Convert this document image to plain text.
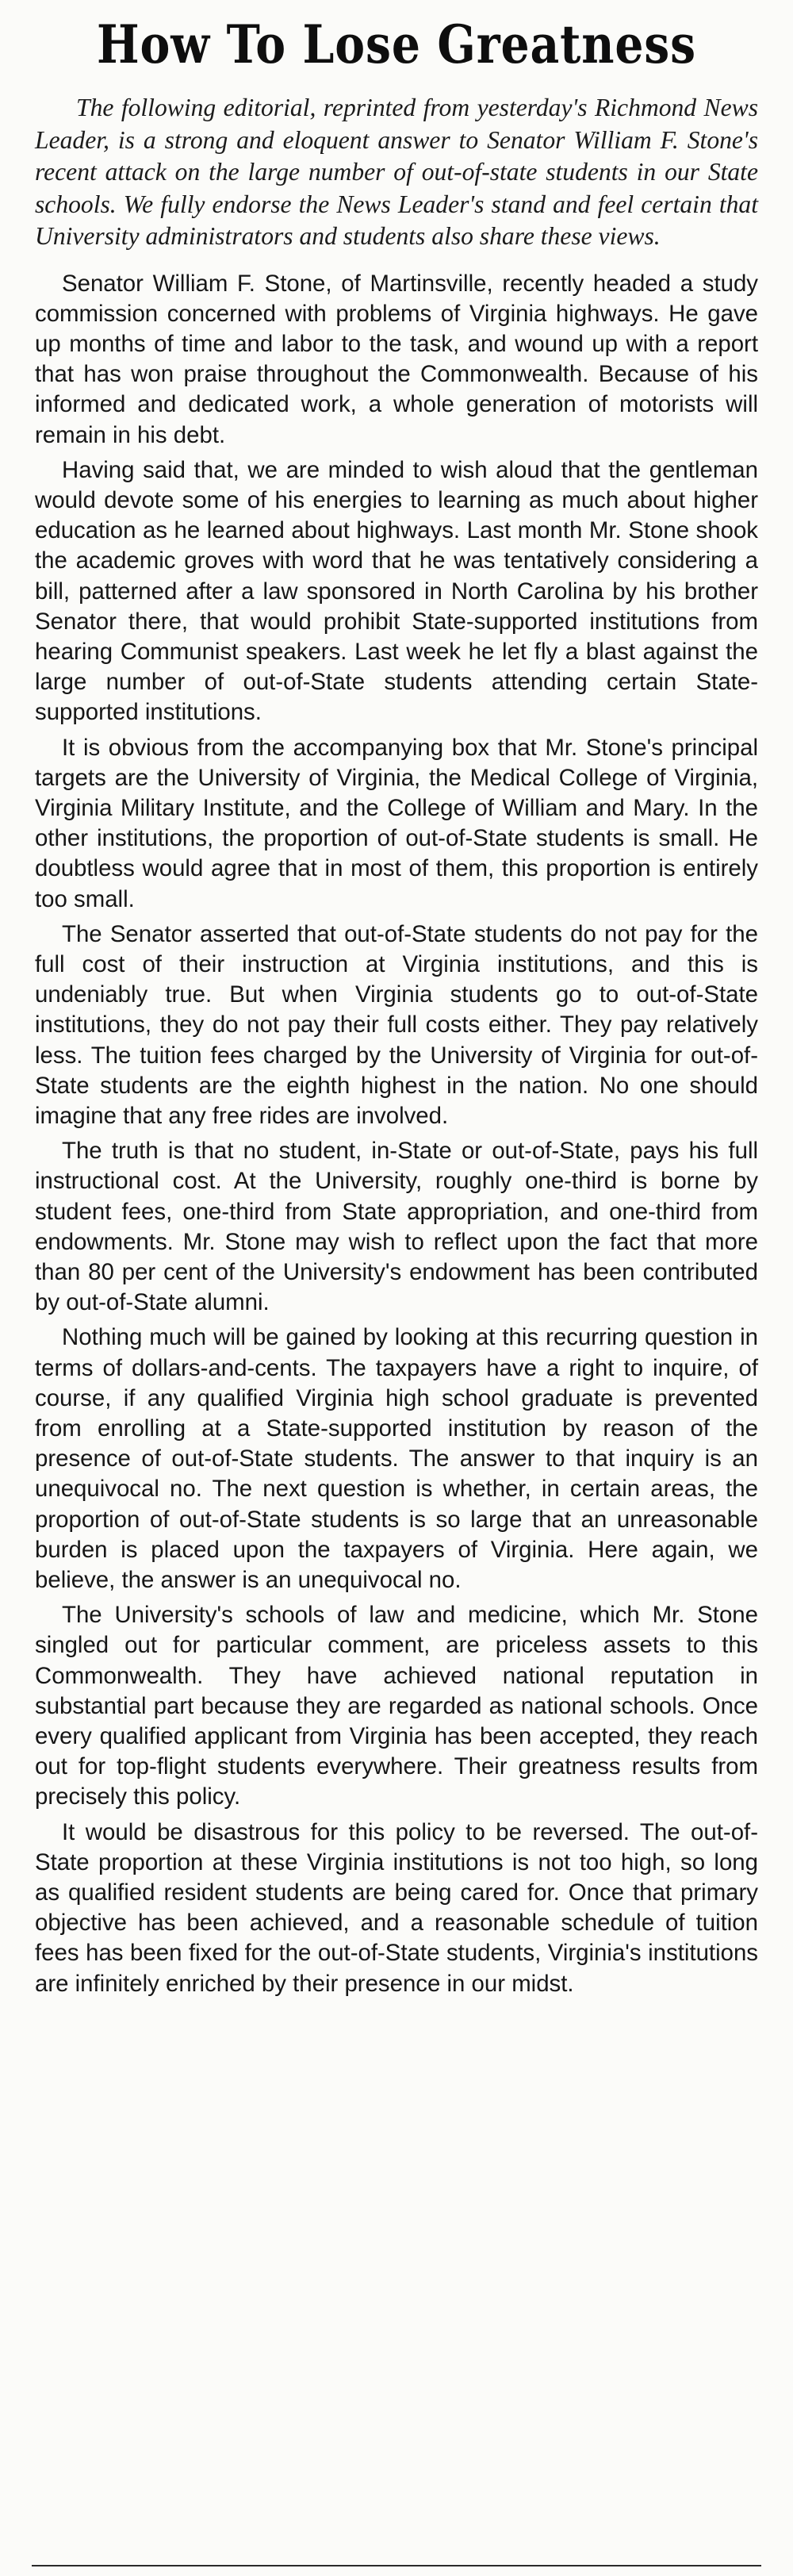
How To Lose Greatness

The following editorial, reprinted from yesterday's Richmond News Leader, is a strong and eloquent answer to Senator William F. Stone's recent attack on the large number of out-of-state students in our State schools. We fully endorse the News Leader's stand and feel certain that University administrators and students also share these views.

Senator William F. Stone, of Martinsville, recently headed a study commission concerned with problems of Virginia highways. He gave up months of time and labor to the task, and wound up with a report that has won praise throughout the Commonwealth. Because of his informed and dedicated work, a whole generation of motorists will remain in his debt.

Having said that, we are minded to wish aloud that the gentleman would devote some of his energies to learning as much about higher education as he learned about highways. Last month Mr. Stone shook the academic groves with word that he was tentatively considering a bill, patterned after a law sponsored in North Carolina by his brother Senator there, that would prohibit State-supported institutions from hearing Communist speakers. Last week he let fly a blast against the large number of out-of-State students attending certain State-supported institutions.

It is obvious from the accompanying box that Mr. Stone's principal targets are the University of Virginia, the Medical College of Virginia, Virginia Military Institute, and the College of William and Mary. In the other institutions, the proportion of out-of-State students is small. He doubtless would agree that in most of them, this proportion is entirely too small.

The Senator asserted that out-of-State students do not pay for the full cost of their instruction at Virginia institutions, and this is undeniably true. But when Virginia students go to out-of-State institutions, they do not pay their full costs either. They pay relatively less. The tuition fees charged by the University of Virginia for out-of-State students are the eighth highest in the nation. No one should imagine that any free rides are involved.

The truth is that no student, in-State or out-of-State, pays his full instructional cost. At the University, roughly one-third is borne by student fees, one-third from State appropriation, and one-third from endowments. Mr. Stone may wish to reflect upon the fact that more than 80 per cent of the University's endowment has been contributed by out-of-State alumni.

Nothing much will be gained by looking at this recurring question in terms of dollars-and-cents. The taxpayers have a right to inquire, of course, if any qualified Virginia high school graduate is prevented from enrolling at a State-supported institution by reason of the presence of out-of-State students. The answer to that inquiry is an unequivocal no. The next question is whether, in certain areas, the proportion of out-of-State students is so large that an unreasonable burden is placed upon the taxpayers of Virginia. Here again, we believe, the answer is an unequivocal no.

The University's schools of law and medicine, which Mr. Stone singled out for particular comment, are priceless assets to this Commonwealth. They have achieved national reputation in substantial part because they are regarded as national schools. Once every qualified applicant from Virginia has been accepted, they reach out for top-flight students everywhere. Their greatness results from precisely this policy.

It would be disastrous for this policy to be reversed. The out-of-State proportion at these Virginia institutions is not too high, so long as qualified resident students are being cared for. Once that primary objective has been achieved, and a reasonable schedule of tuition fees has been fixed for the out-of-State students, Virginia's institutions are infinitely enriched by their presence in our midst.
